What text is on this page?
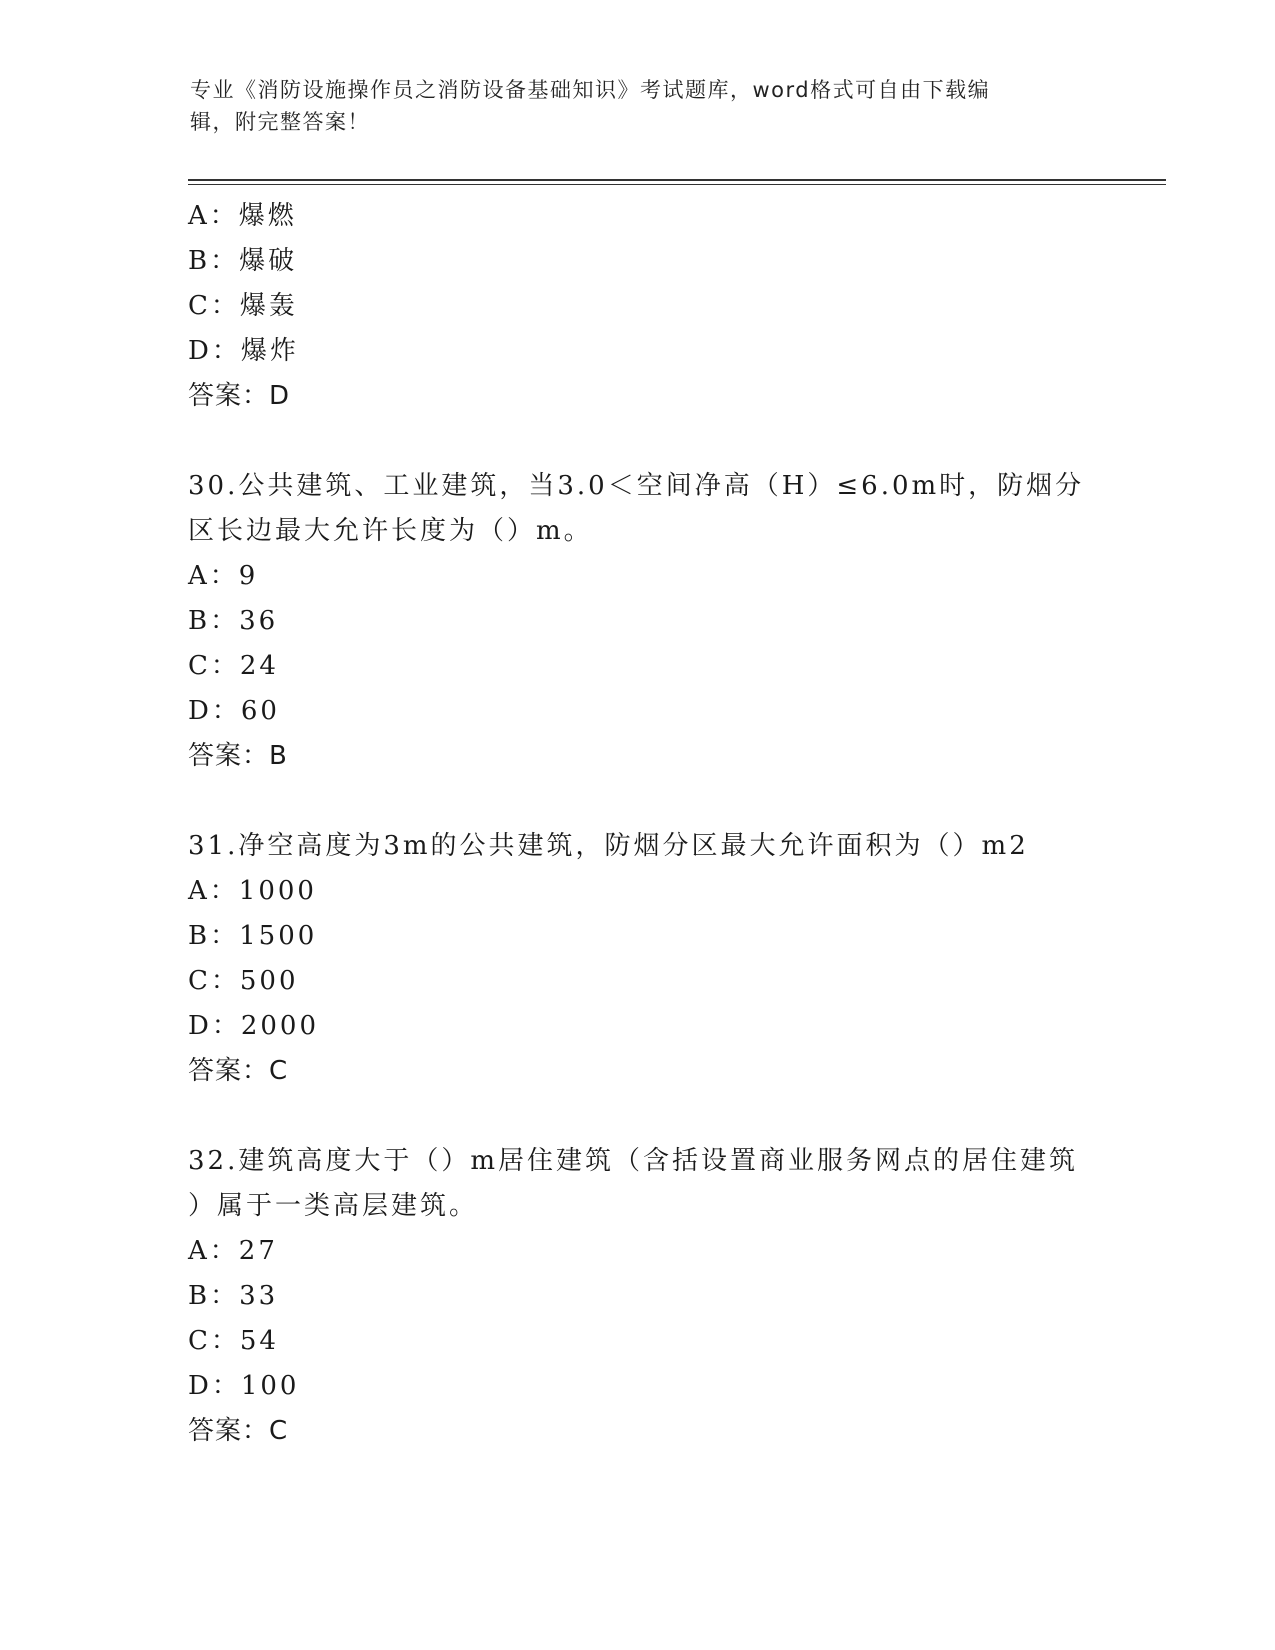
专业《消防设施操作员之消防设备基础知识》考试题库，word格式可自由下载编
辑，附完整答案！
A：爆燃
B：爆破
C：爆轰
D：爆炸
答案：D
30.公共建筑、工业建筑，当3.0＜空间净高（H）≤6.0m时，防烟分
区长边最大允许长度为（）m。
A：9
B：36
C：24
D：60
答案：B
31.净空高度为3m的公共建筑，防烟分区最大允许面积为（）m2
A：1000
B：1500
C：500
D：2000
答案：C
32.建筑高度大于（）m居住建筑（含括设置商业服务网点的居住建筑
）属于一类高层建筑。
A：27
B：33
C：54
D：100
答案：C
